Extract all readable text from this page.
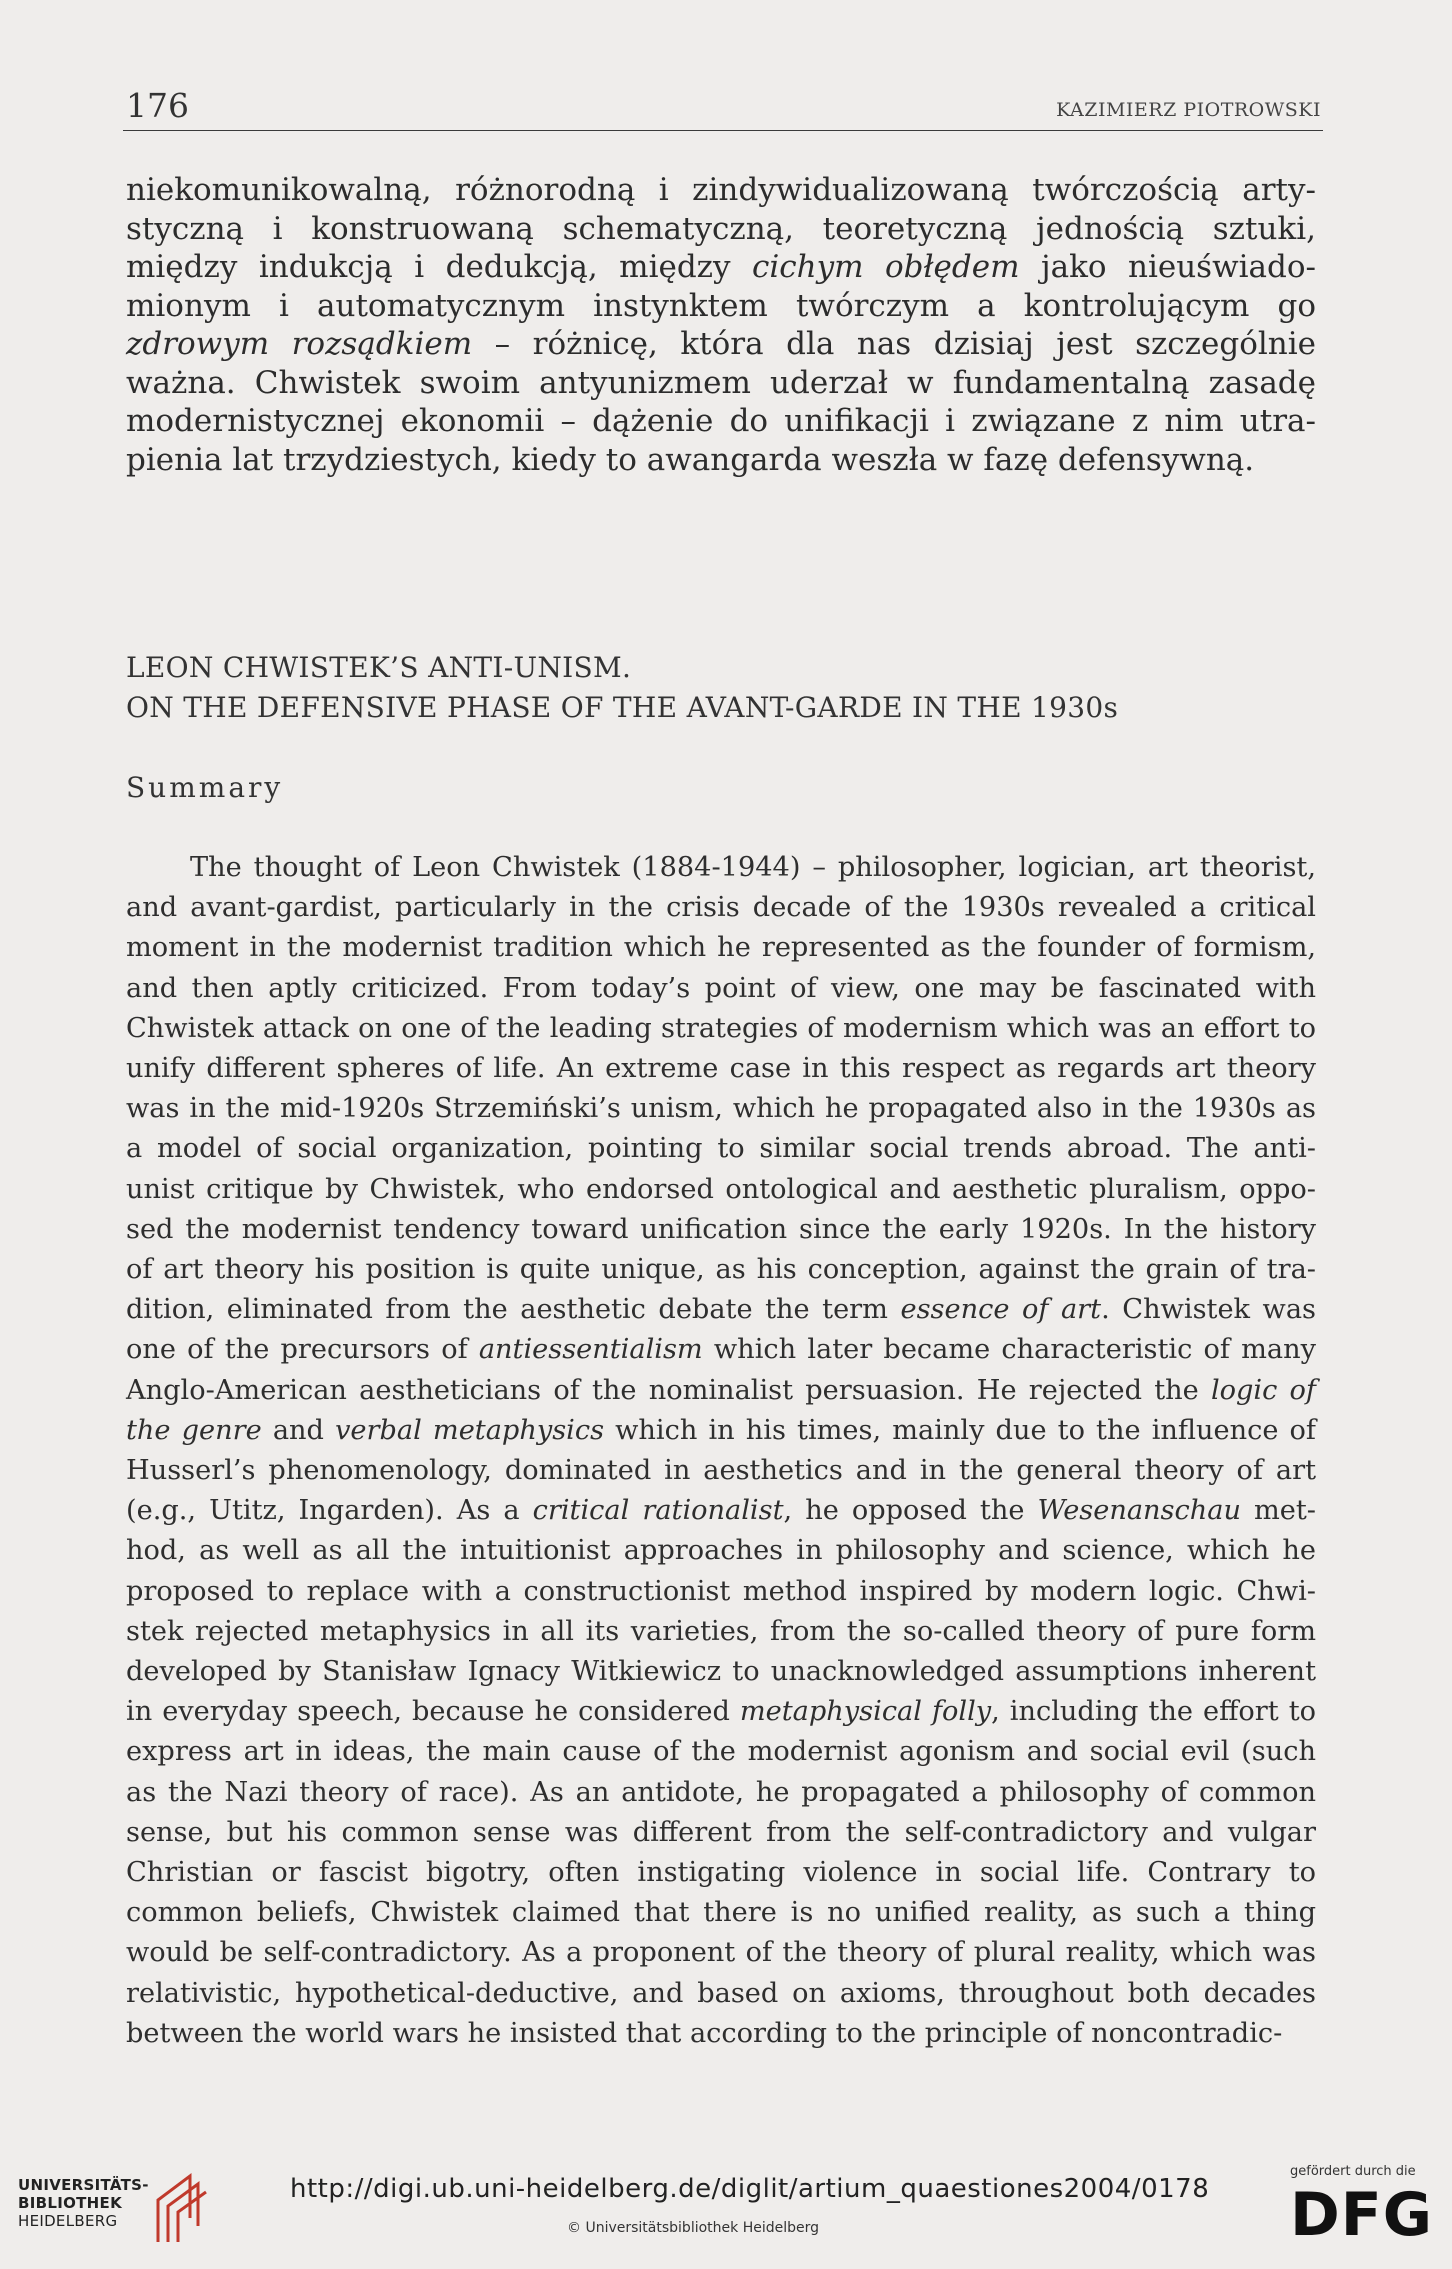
176	KAZIMIERZ PIOTROWSKI
niekomunikowalną, różnorodną i zindywidualizowaną twórczością arty-
styczną i konstruowaną schematyczną, teoretyczną jednością sztuki,
między indukcją i dedukcją, między cichym obłędem jako nieuświado-
mionym i automatycznym instynktem twórczym a kontrolującym go
zdrowym rozsądkiem – różnicę, która dla nas dzisiaj jest szczególnie
ważna. Chwistek swoim antyunizmem uderzał w fundamentalną zasadę
modernistycznej ekonomii – dążenie do unifikacji i związane z nim utra-
pienia lat trzydziestych, kiedy to awangarda weszła w fazę defensywną.
LEON CHWISTEK’S ANTI-UNISM.
ON THE DEFENSIVE PHASE OF THE AVANT-GARDE IN THE 1930s
Summary
The thought of Leon Chwistek (1884-1944) – philosopher, logician, art theorist,
and avant-gardist, particularly in the crisis decade of the 1930s revealed a critical
moment in the modernist tradition which he represented as the founder of formism,
and then aptly criticized. From today’s point of view, one may be fascinated with
Chwistek attack on one of the leading strategies of modernism which was an effort to
unify different spheres of life. An extreme case in this respect as regards art theory
was in the mid-1920s Strzemiński’s unism, which he propagated also in the 1930s as
a model of social organization, pointing to similar social trends abroad. The anti-
unist critique by Chwistek, who endorsed ontological and aesthetic pluralism, oppo-
sed the modernist tendency toward unification since the early 1920s. In the history
of art theory his position is quite unique, as his conception, against the grain of tra-
dition, eliminated from the aesthetic debate the term essence of art. Chwistek was
one of the precursors of antiessentialism which later became characteristic of many
Anglo-American aestheticians of the nominalist persuasion. He rejected the logic of
the genre and verbal metaphysics which in his times, mainly due to the influence of
Husserl’s phenomenology, dominated in aesthetics and in the general theory of art
(e.g., Utitz, Ingarden). As a critical rationalist, he opposed the Wesenanschau met-
hod, as well as all the intuitionist approaches in philosophy and science, which he
proposed to replace with a constructionist method inspired by modern logic. Chwi-
stek rejected metaphysics in all its varieties, from the so-called theory of pure form
developed by Stanisław Ignacy Witkiewicz to unacknowledged assumptions inherent
in everyday speech, because he considered metaphysical folly, including the effort to
express art in ideas, the main cause of the modernist agonism and social evil (such
as the Nazi theory of race). As an antidote, he propagated a philosophy of common
sense, but his common sense was different from the self-contradictory and vulgar
Christian or fascist bigotry, often instigating violence in social life. Contrary to
common beliefs, Chwistek claimed that there is no unified reality, as such a thing
would be self-contradictory. As a proponent of the theory of plural reality, which was
relativistic, hypothetical-deductive, and based on axioms, throughout both decades
between the world wars he insisted that according to the principle of noncontradic-
UNIVERSITÄTS-
BIBLIOTHEK
HEIDELBERG
http://digi.ub.uni-heidelberg.de/diglit/artium_quaestiones2004/0178
© Universitätsbibliothek Heidelberg
gefördert durch die
DFG
